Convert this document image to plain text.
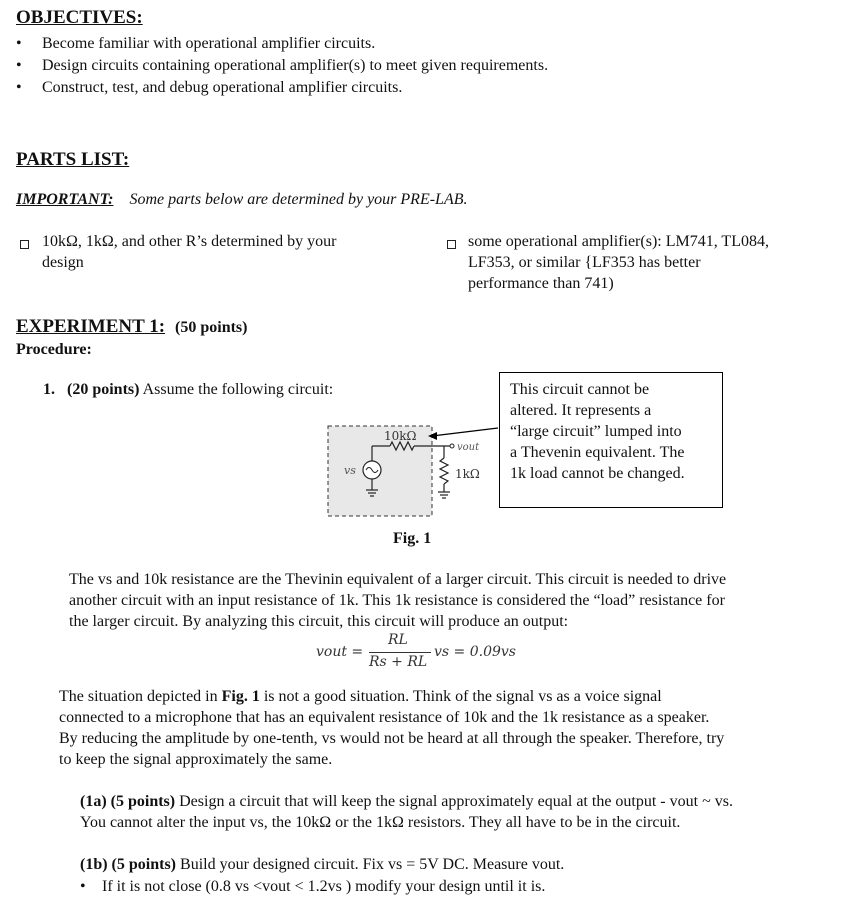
OBJECTIVES:
• Become familiar with operational amplifier circuits.
• Design circuits containing operational amplifier(s) to meet given requirements.
• Construct, test, and debug operational amplifier circuits.
PARTS LIST:
IMPORTANT: Some parts below are determined by your PRE-LAB.
10kΩ, 1kΩ, and other R’s determined by your
design
some operational amplifier(s): LM741, TL084,
LF353, or similar {LF353 has better
performance than 741)
EXPERIMENT 1: (50 points)
Procedure:
1. (20 points) Assume the following circuit:
10kΩ
1kΩ
vs
vout
This circuit cannot be
altered. It represents a
“large circuit” lumped into
a Thevenin equivalent. The
1k load cannot be changed.
Fig. 1
The vs and 10k resistance are the Thevinin equivalent of a larger circuit. This circuit is needed to drive
another circuit with an input resistance of 1k. This 1k resistance is considered the “load” resistance for
the larger circuit. By analyzing this circuit, this circuit will produce an output:
vout =
RL
Rs + RL
vs = 0.09vs
The situation depicted in Fig. 1 is not a good situation. Think of the signal vs as a voice signal
connected to a microphone that has an equivalent resistance of 10k and the 1k resistance as a speaker.
By reducing the amplitude by one-tenth, vs would not be heard at all through the speaker. Therefore, try
to keep the signal approximately the same.
(1a) (5 points) Design a circuit that will keep the signal approximately equal at the output - vout ~ vs.
You cannot alter the input vs, the 10kΩ or the 1kΩ resistors. They all have to be in the circuit.
(1b) (5 points) Build your designed circuit. Fix vs = 5V DC. Measure vout.
• If it is not close (0.8 vs <vout < 1.2vs ) modify your design until it is.
